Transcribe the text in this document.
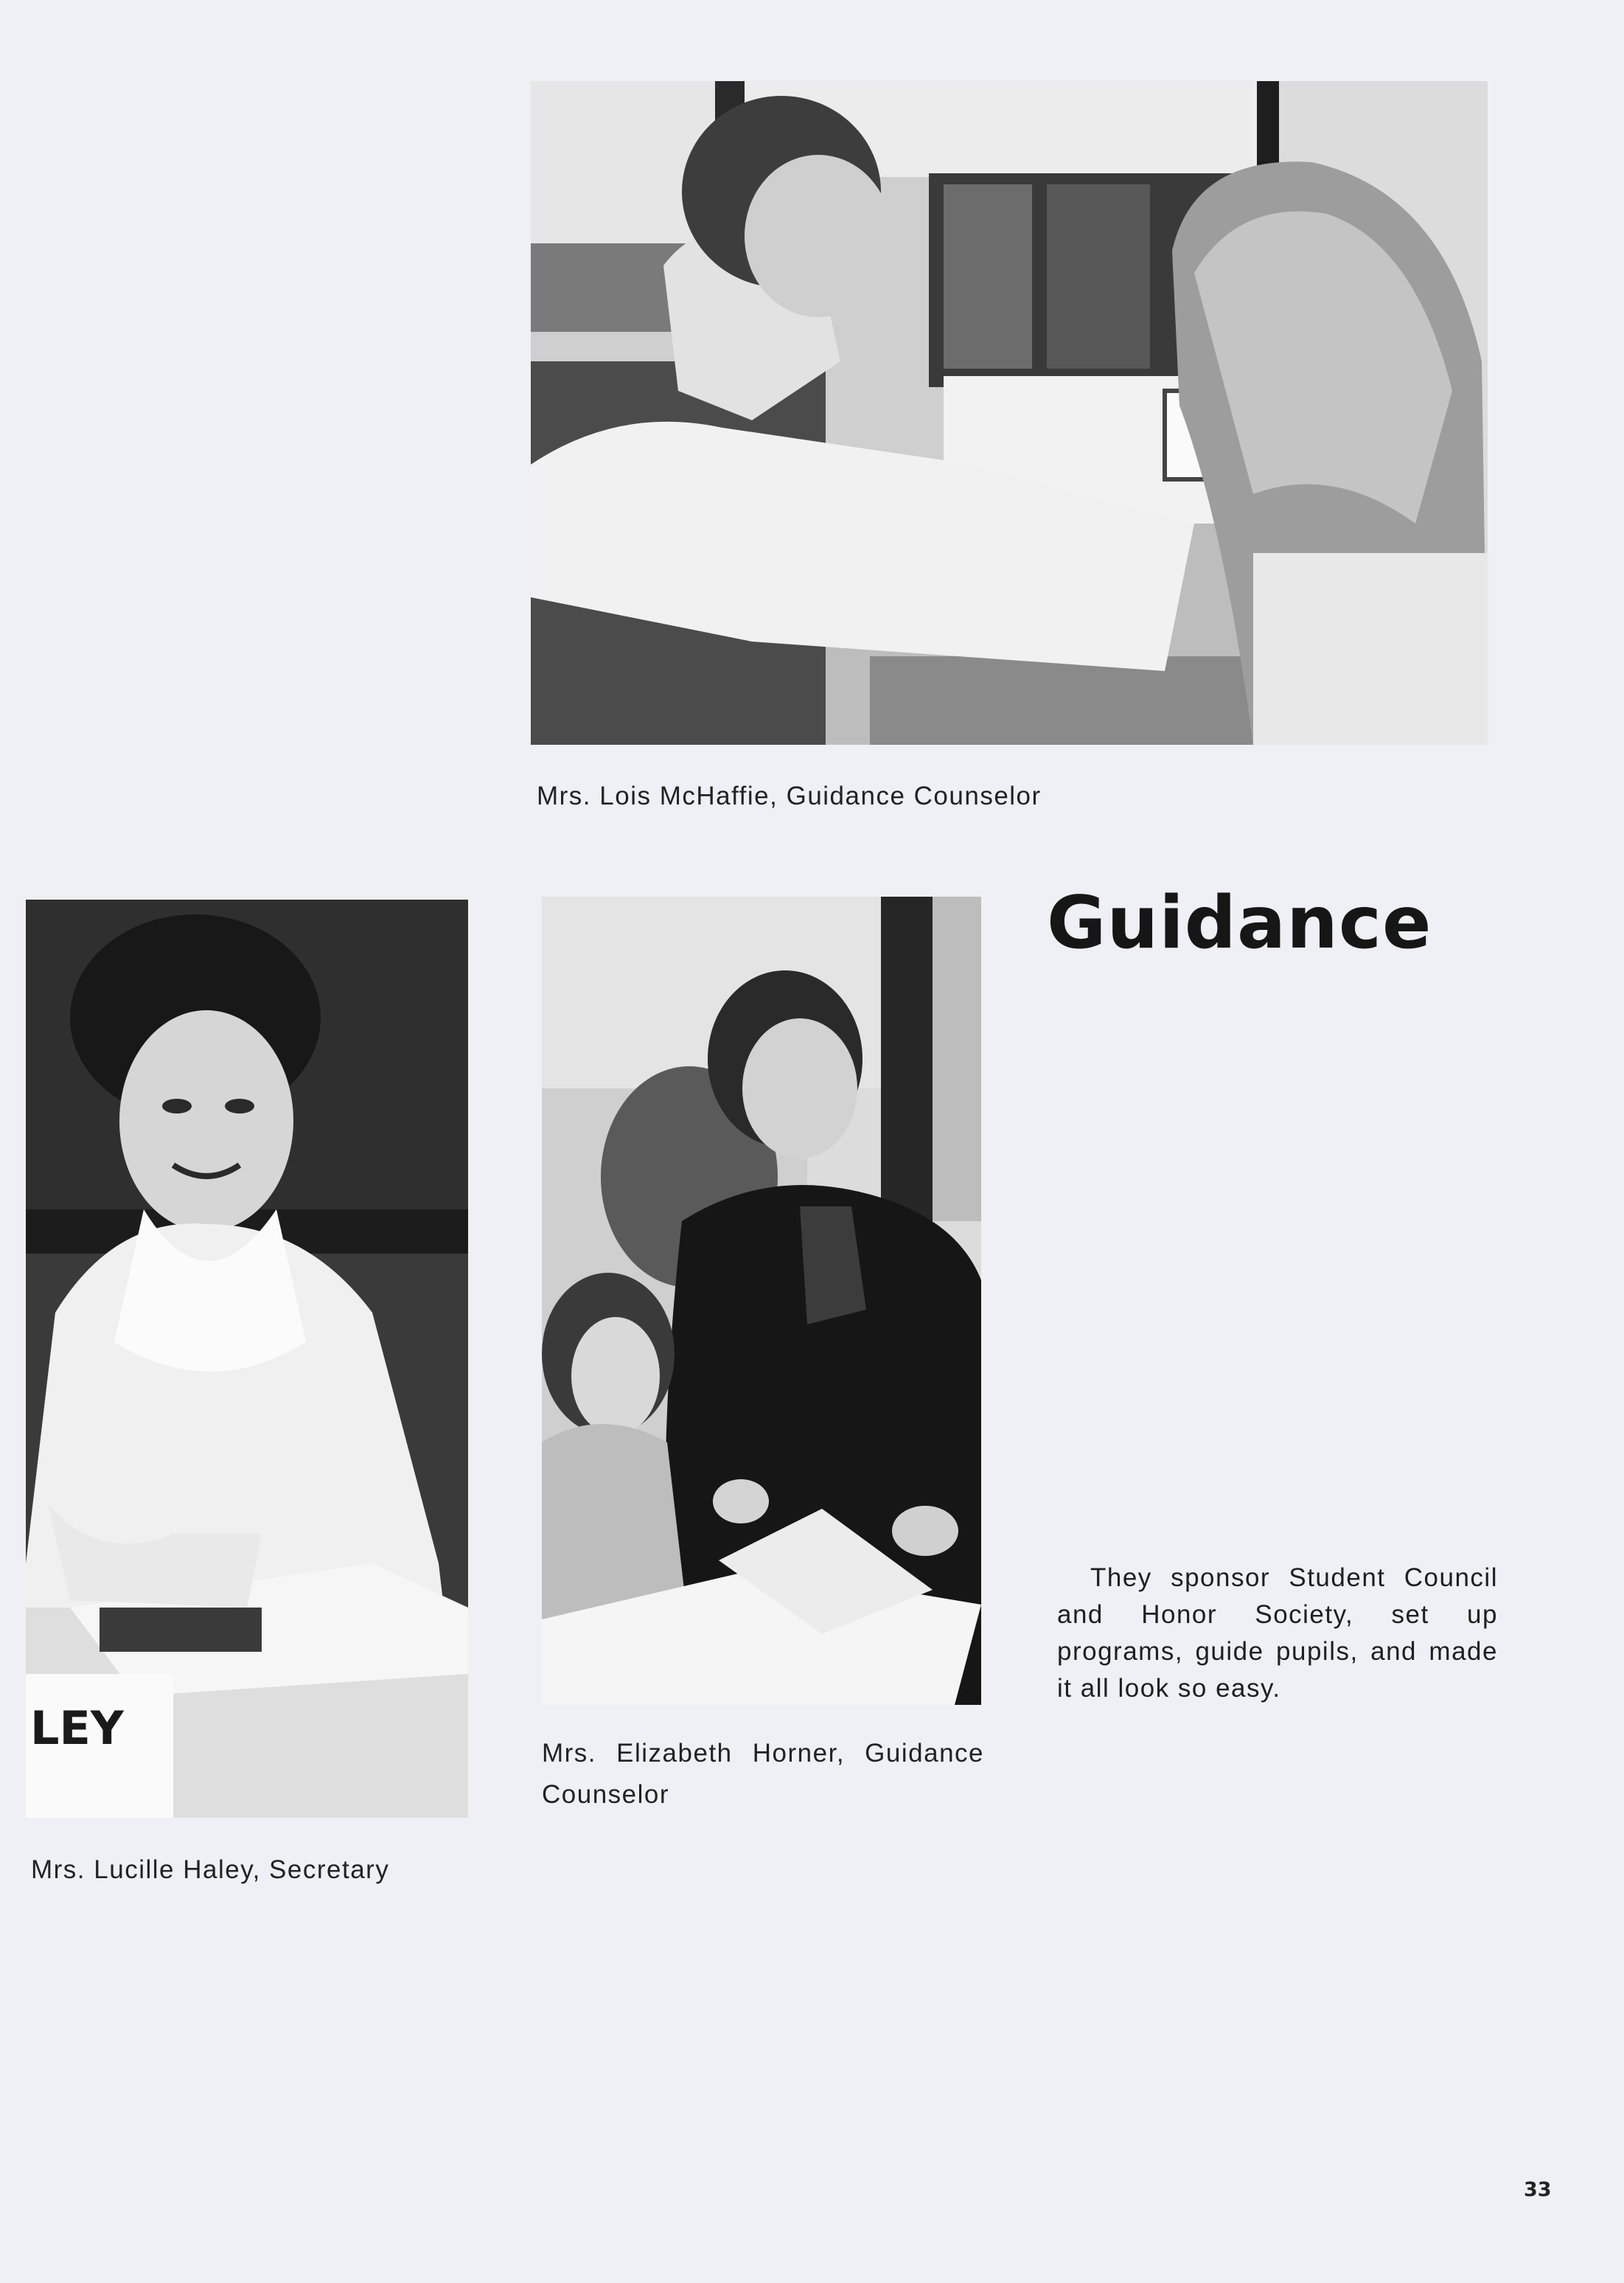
Mrs. Lois McHaffie, Guidance Counselor
LEY
Mrs. Lucille Haley, Secretary
Mrs. Elizabeth Horner, Guidance Counselor
Guidance

They sponsor Student Council and Honor Society, set up programs, guide pupils, and made it all look so easy.

33
